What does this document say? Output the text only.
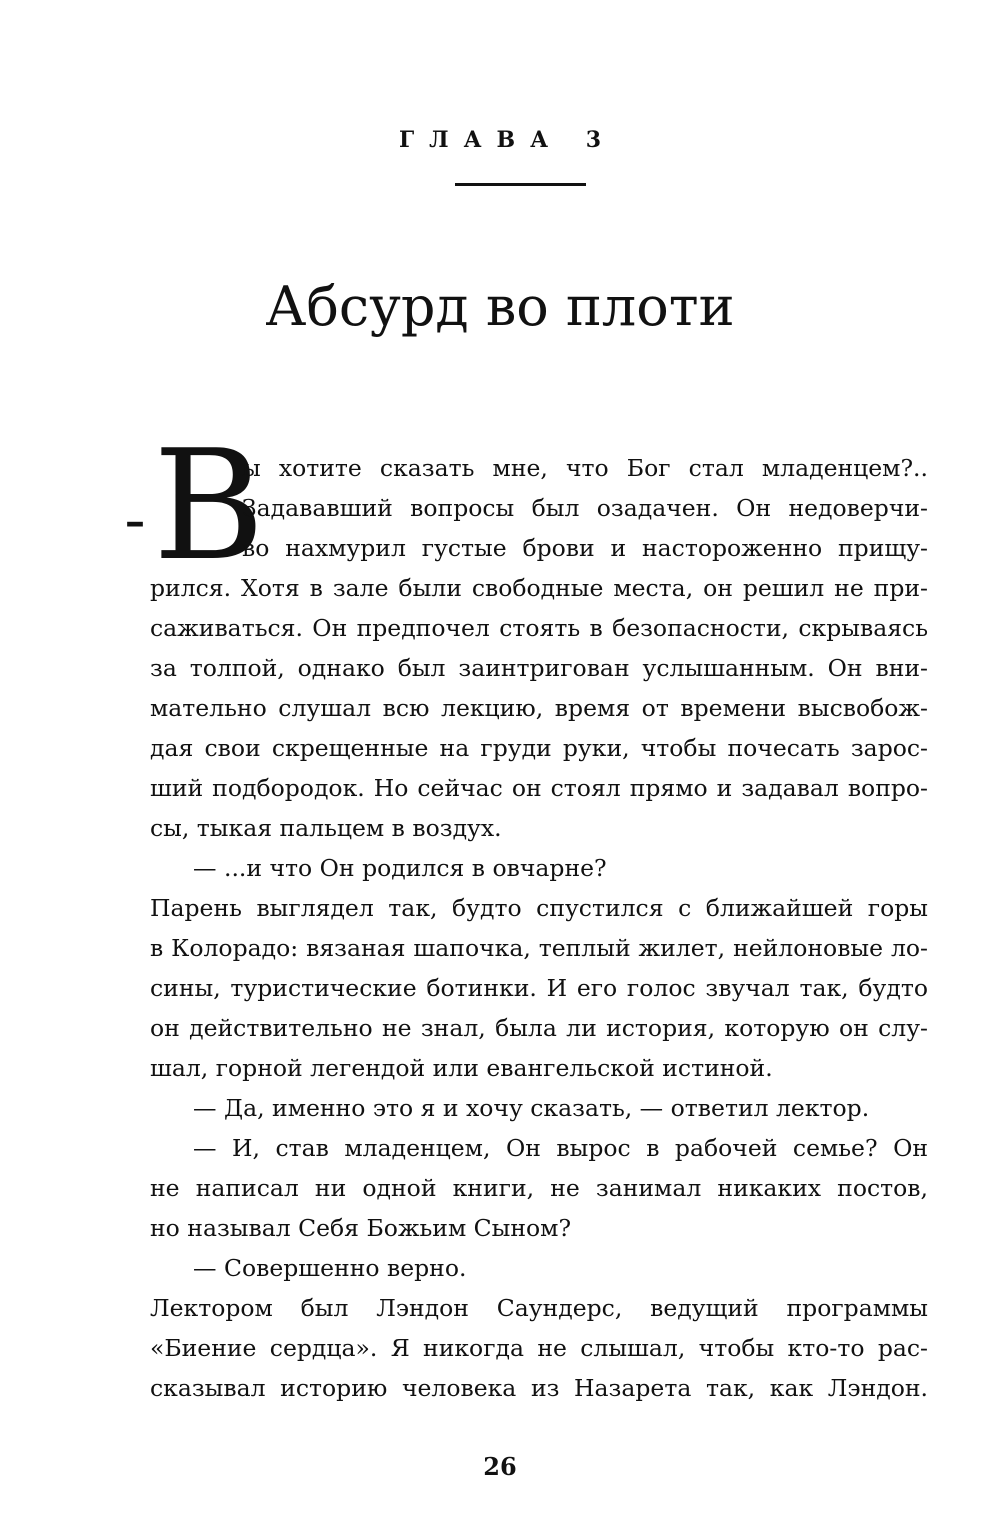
ГЛАВА 3
Абсурд во плоти
– В
ы хотите сказать мне, что Бог стал младенцем?..
Задававший вопросы был озадачен. Он недоверчи-
во нахмурил густые брови и настороженно прищу-
рился. Хотя в зале были свободные места, он решил не при-
саживаться. Он предпочел стоять в безопасности, скрываясь
за толпой, однако был заинтригован услышанным. Он вни-
мательно слушал всю лекцию, время от времени высвобож-
дая свои скрещенные на груди руки, чтобы почесать зарос-
ший подбородок. Но сейчас он стоял прямо и задавал вопро-
сы, тыкая пальцем в воздух.
— ...и что Он родился в овчарне?
Парень выглядел так, будто спустился с ближайшей горы
в Колорадо: вязаная шапочка, теплый жилет, нейлоновые ло-
сины, туристические ботинки. И его голос звучал так, будто
он действительно не знал, была ли история, которую он слу-
шал, горной легендой или евангельской истиной.
— Да, именно это я и хочу сказать, — ответил лектор.
— И, став младенцем, Он вырос в рабочей семье? Он
не написал ни одной книги, не занимал никаких постов,
но называл Себя Божьим Сыном?
— Совершенно верно.
Лектором был Лэндон Саундерс, ведущий программы
«Биение сердца». Я никогда не слышал, чтобы кто-то рас-
сказывал историю человека из Назарета так, как Лэндон.
26
